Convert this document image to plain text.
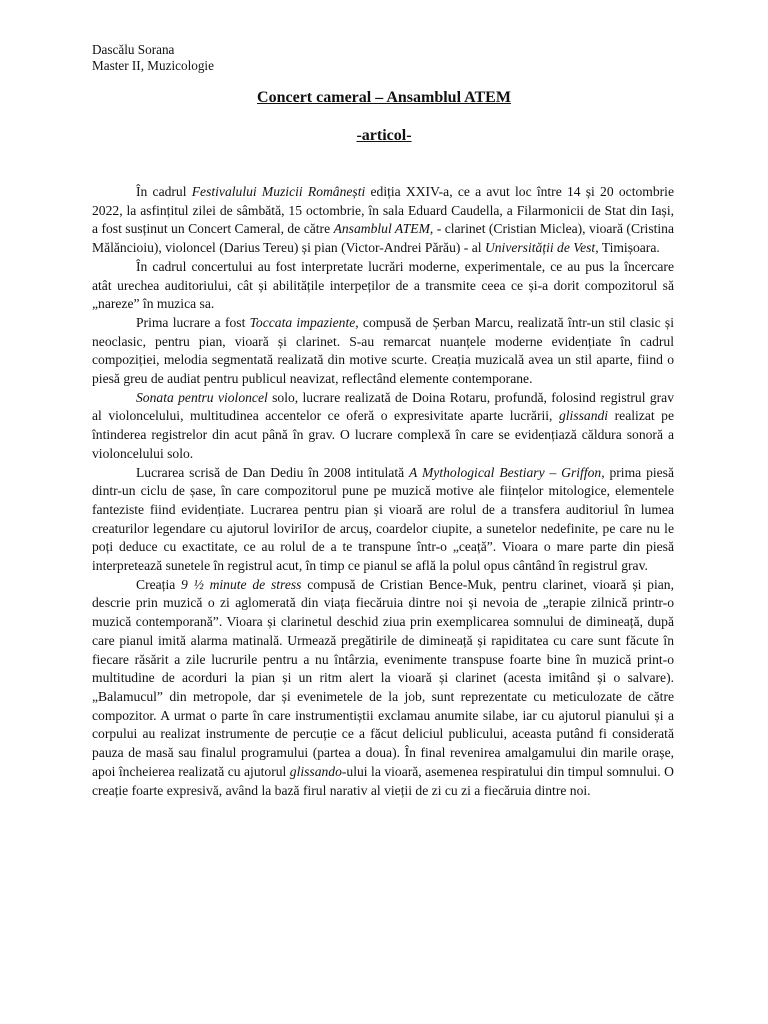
Dascălu Sorana
Master II, Muzicologie
Concert cameral – Ansamblul ATEM
-articol-

În cadrul Festivalului Muzicii Românești ediția XXIV-a, ce a avut loc între 14 și 20 octombrie 2022, la asfințitul zilei de sâmbătă, 15 octombrie, în sala Eduard Caudella, a Filarmonicii de Stat din Iași, a fost susținut un Concert Cameral, de către Ansamblul ATEM, - clarinet (Cristian Miclea), vioară (Cristina Mălăncioiu), violoncel (Darius Tereu) și pian (Victor-Andrei Părău) - al Universității de Vest, Timișoara.

În cadrul concertului au fost interpretate lucrări moderne, experimentale, ce au pus la încercare atât urechea auditoriului, cât și abilitățile interpeților de a transmite ceea ce și-a dorit compozitorul să „nareze” în muzica sa.

Prima lucrare a fost Toccata impaziente, compusă de Șerban Marcu, realizată într-un stil clasic și neoclasic, pentru pian, vioară și clarinet. S-au remarcat nuanțele moderne evidențiate în cadrul compoziției, melodia segmentată realizată din motive scurte. Creația muzicală avea un stil aparte, fiind o piesă greu de audiat pentru publicul neavizat, reflectând elemente contemporane.

Sonata pentru violoncel solo, lucrare realizată de Doina Rotaru, profundă, folosind registrul grav al violoncelului, multitudinea accentelor ce oferă o expresivitate aparte lucrării, glissandi realizat pe întinderea registrelor din acut până în grav. O lucrare complexă în care se evidențiază căldura sonoră a violoncelului solo.

Lucrarea scrisă de Dan Dediu în 2008 intitulată A Mythological Bestiary – Griffon, prima piesă dintr-un ciclu de șase, în care compozitorul pune pe muzică motive ale ființelor mitologice, elementele fanteziste fiind evidențiate. Lucrarea pentru pian și vioară are rolul de a transfera auditoriul în lumea creaturilor legendare cu ajutorul loviriIor de arcuș, coardelor ciupite, a sunetelor nedefinite, pe care nu le poți deduce cu exactitate, ce au rolul de a te transpune într-o „ceață”. Vioara o mare parte din piesă interpretează sunetele în registrul acut, în timp ce pianul se află la polul opus cântând în registrul grav.

Creația 9 ½ minute de stress compusă de Cristian Bence-Muk, pentru clarinet, vioară și pian, descrie prin muzică o zi aglomerată din viața fiecăruia dintre noi și nevoia de „terapie zilnică printr-o muzică contemporană”. Vioara și clarinetul deschid ziua prin exemplicarea somnului de dimineață, după care pianul imită alarma matinală. Urmează pregătirile de dimineață și rapiditatea cu care sunt făcute în fiecare răsărit a zile lucrurile pentru a nu întârzia, evenimente transpuse foarte bine în muzică print-o multitudine de acorduri la pian și un ritm alert la vioară și clarinet (acesta imitând și o salvare). „Balamucul” din metropole, dar și evenimetele de la job, sunt reprezentate cu meticulozate de către compozitor. A urmat o parte în care instrumentiștii exclamau anumite silabe, iar cu ajutorul pianului și a corpului au realizat instrumente de percuție ce a făcut deliciul publicului, aceasta putând fi considerată pauza de masă sau finalul programului (partea a doua). În final revenirea amalgamului din marile orașe, apoi încheierea realizată cu ajutorul glissando-ului la vioară, asemenea respiratului din timpul somnului. O creație foarte expresivă, având la bază firul narativ al vieții de zi cu zi a fiecăruia dintre noi.
